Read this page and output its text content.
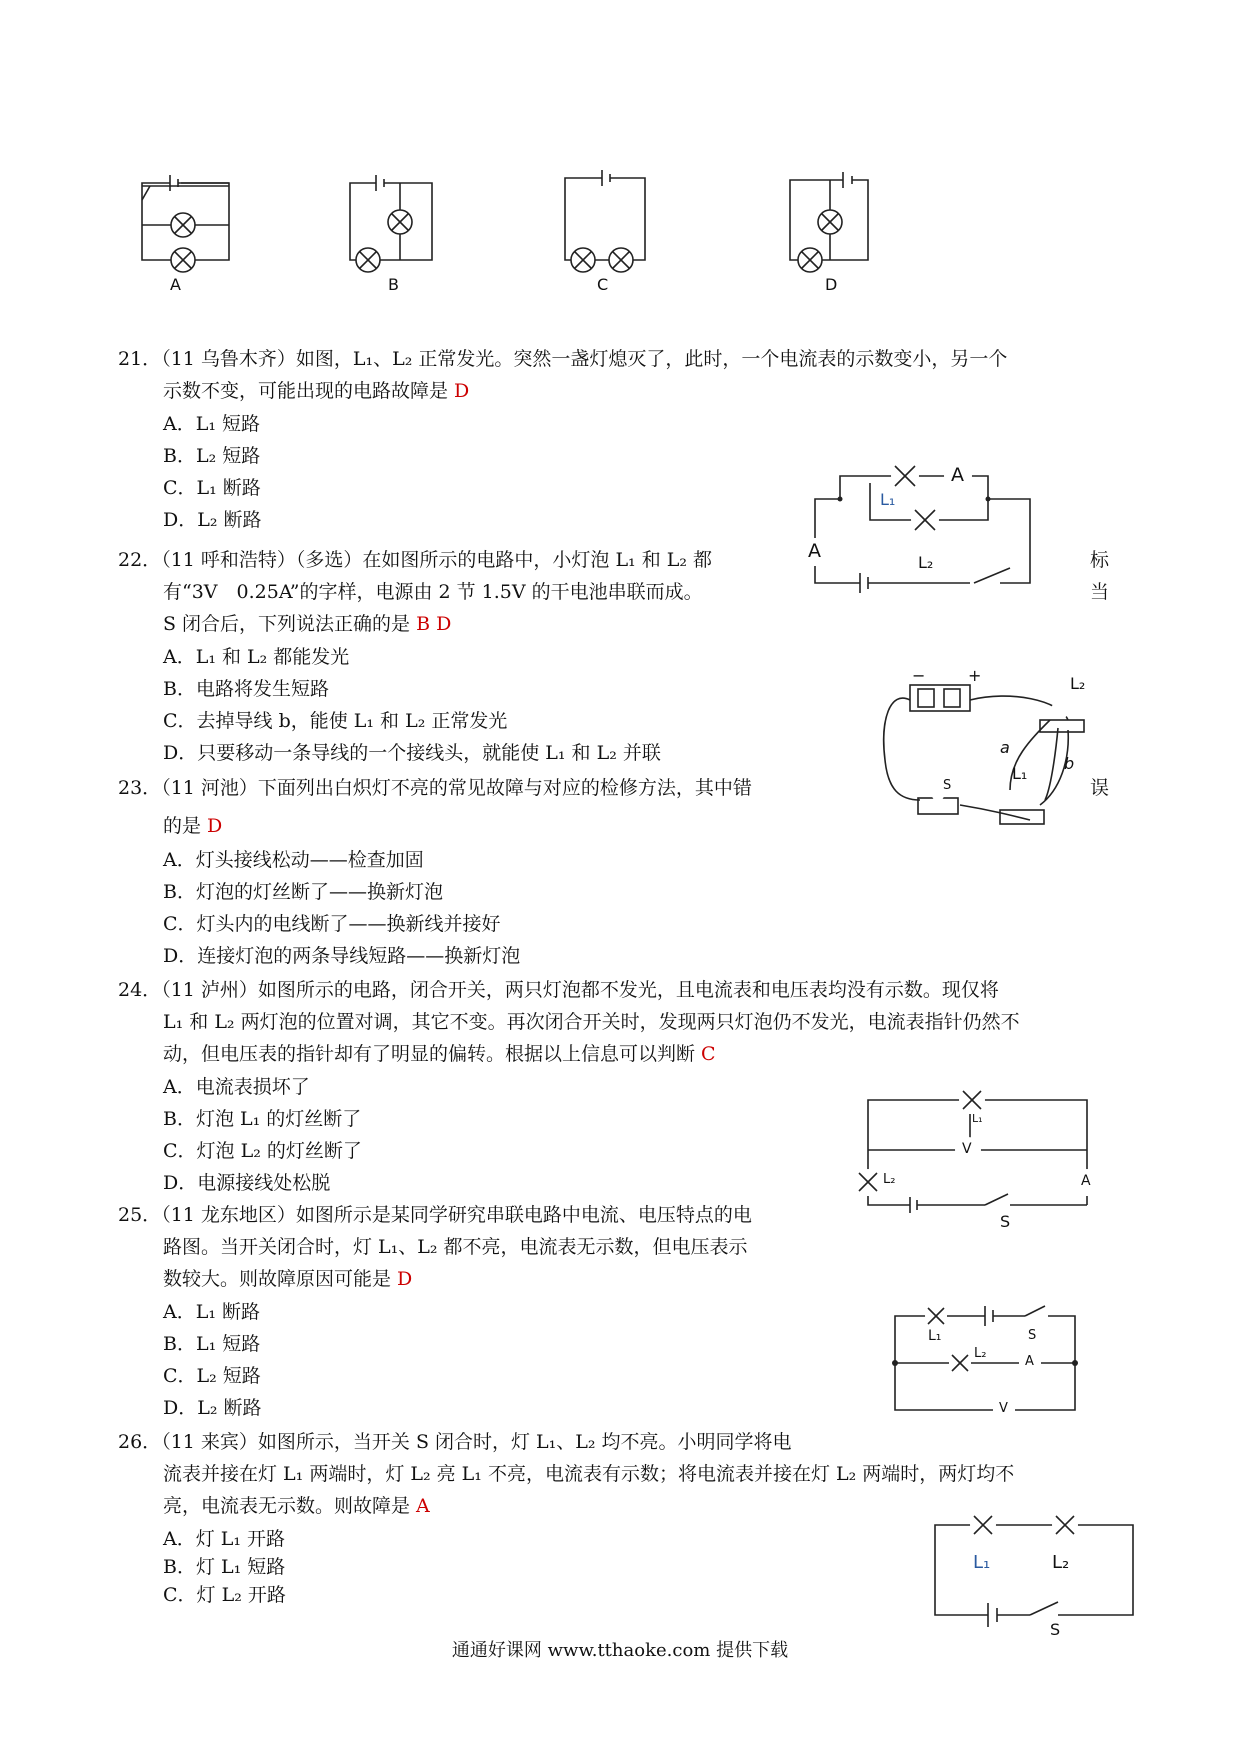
A	B	C	D
21．（11 乌鲁木齐）如图，L₁、L₂ 正常发光。突然一盏灯熄灭了，此时，一个电流表的示数变小，另一个
示数不变，可能出现的电路故障是 D
A．L₁ 短路
B．L₂ 短路
C．L₁ 断路
D．L₂ 断路
A
A
L₁
L₂
22．（11 呼和浩特）（多选）在如图所示的电路中，小灯泡 L₁ 和 L₂ 都	标
有“3V　0.25A”的字样，电源由 2 节 1.5V 的干电池串联而成。	当
S 闭合后，下列说法正确的是 B D
A．L₁ 和 L₂ 都能发光
B．电路将发生短路
C．去掉导线 b，能使 L₁ 和 L₂ 正常发光
D．只要移动一条导线的一个接线头，就能使 L₁ 和 L₂ 并联
−	+	L₂
L₁
a
b
S
23．（11 河池）下面列出白炽灯不亮的常见故障与对应的检修方法，其中错	误
的是 D
A．灯头接线松动——检查加固
B．灯泡的灯丝断了——换新灯泡
C．灯头内的电线断了——换新线并接好
D．连接灯泡的两条导线短路——换新灯泡
24．（11 泸州）如图所示的电路，闭合开关，两只灯泡都不发光，且电流表和电压表均没有示数。现仅将
L₁ 和 L₂ 两灯泡的位置对调，其它不变。再次闭合开关时，发现两只灯泡仍不发光，电流表指针仍然不
动，但电压表的指针却有了明显的偏转。根据以上信息可以判断 C
A．电流表损坏了
B．灯泡 L₁ 的灯丝断了
C．灯泡 L₂ 的灯丝断了
D．电源接线处松脱
L₁
V
L₂	A
S
25．（11 龙东地区）如图所示是某同学研究串联电路中电流、电压特点的电
路图。当开关闭合时，灯 L₁、L₂ 都不亮，电流表无示数，但电压表示
数较大。则故障原因可能是 D
A．L₁ 断路
B．L₁ 短路
C．L₂ 短路
D．L₂ 断路
L₁	S
L₂
A
V
26．（11 来宾）如图所示，当开关 S 闭合时，灯 L₁、L₂ 均不亮。小明同学将电
流表并接在灯 L₁ 两端时，灯 L₂ 亮 L₁ 不亮，电流表有示数；将电流表并接在灯 L₂ 两端时，两灯均不
亮，电流表无示数。则故障是 A
A．灯 L₁ 开路
B．灯 L₁ 短路
C．灯 L₂ 开路
L₁	L₂
S
通通好课网 www.tthaoke.com 提供下载
